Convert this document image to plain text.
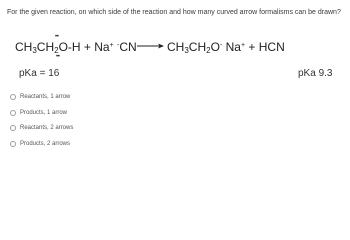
For the given reaction, on which side of the reaction and how many curved arrow formalisms can be drawn?
$CH_3CH_2O-H + Na^+$ -CN
• •
• •
→ $CH_3CH_2O^-$ Na+ + HCN
pKa = 16	pKa 9.3
Reactants, 1 arrow
Products, 1 arrow
Reactants, 2 arrows
Products, 2 arrows
